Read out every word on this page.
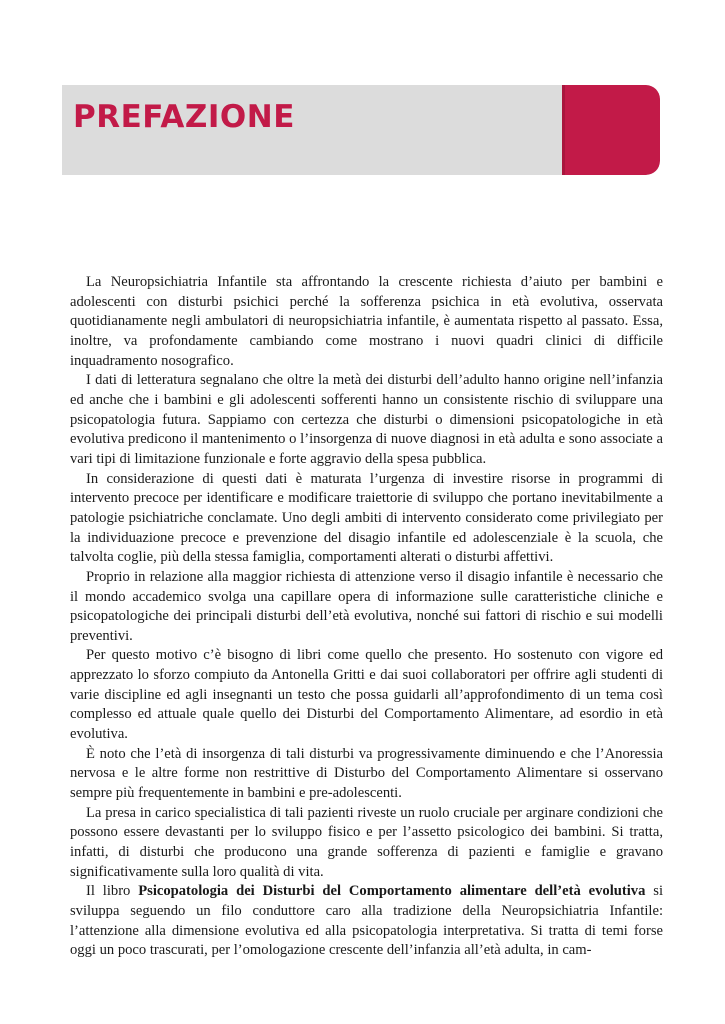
PREFAZIONE

La Neuropsichiatria Infantile sta affrontando la crescente richiesta d’aiuto per bambini e adolescenti con disturbi psichici perché la sofferenza psichica in età evolutiva, osservata quotidianamente negli ambulatori di neuropsichiatria infantile, è aumentata rispetto al passato. Essa, inoltre, va profondamente cambiando come mostrano i nuovi quadri clinici di difficile inquadramento nosografico.

I dati di letteratura segnalano che oltre la metà dei disturbi dell’adulto hanno origine nell’infanzia ed anche che i bambini e gli adolescenti sofferenti hanno un consistente rischio di sviluppare una psicopatologia futura. Sappiamo con certezza che disturbi o dimensioni psicopatologiche in età evolutiva predicono il mantenimento o l’insorgenza di nuove diagnosi in età adulta e sono associate a vari tipi di limitazione funzionale e forte aggravio della spesa pubblica.

In considerazione di questi dati è maturata l’urgenza di investire risorse in programmi di intervento precoce per identificare e modificare traiettorie di sviluppo che portano inevitabilmente a patologie psichiatriche conclamate. Uno degli ambiti di intervento considerato come privilegiato per la individuazione precoce e prevenzione del disagio infantile ed adolescenziale è la scuola, che talvolta coglie, più della stessa famiglia, comportamenti alterati o disturbi affettivi.

Proprio in relazione alla maggior richiesta di attenzione verso il disagio infantile è necessario che il mondo accademico svolga una capillare opera di informazione sulle caratteristiche cliniche e psicopatologiche dei principali disturbi dell’età evolutiva, nonché sui fattori di rischio e sui modelli preventivi.

Per questo motivo c’è bisogno di libri come quello che presento. Ho sostenuto con vigore ed apprezzato lo sforzo compiuto da Antonella Gritti e dai suoi collaboratori per offrire agli studenti di varie discipline ed agli insegnanti un testo che possa guidarli all’approfondimento di un tema così complesso ed attuale quale quello dei Disturbi del Comportamento Alimentare, ad esordio in età evolutiva.

È noto che l’età di insorgenza di tali disturbi va progressivamente diminuendo e che l’Anoressia nervosa e le altre forme non restrittive di Disturbo del Comportamento Alimentare si osservano sempre più frequentemente in bambini e pre-adolescenti.

La presa in carico specialistica di tali pazienti riveste un ruolo cruciale per arginare condizioni che possono essere devastanti per lo sviluppo fisico e per l’assetto psicologico dei bambini. Si tratta, infatti, di disturbi che producono una grande sofferenza di pazienti e famiglie e gravano significativamente sulla loro qualità di vita.

Il libro Psicopatologia dei Disturbi del Comportamento alimentare dell’età evolutiva si sviluppa seguendo un filo conduttore caro alla tradizione della Neuropsichiatria Infantile: l’attenzione alla dimensione evolutiva ed alla psicopatologia interpretativa. Si tratta di temi forse oggi un poco trascurati, per l’omologazione crescente dell’infanzia all’età adulta, in cam-
